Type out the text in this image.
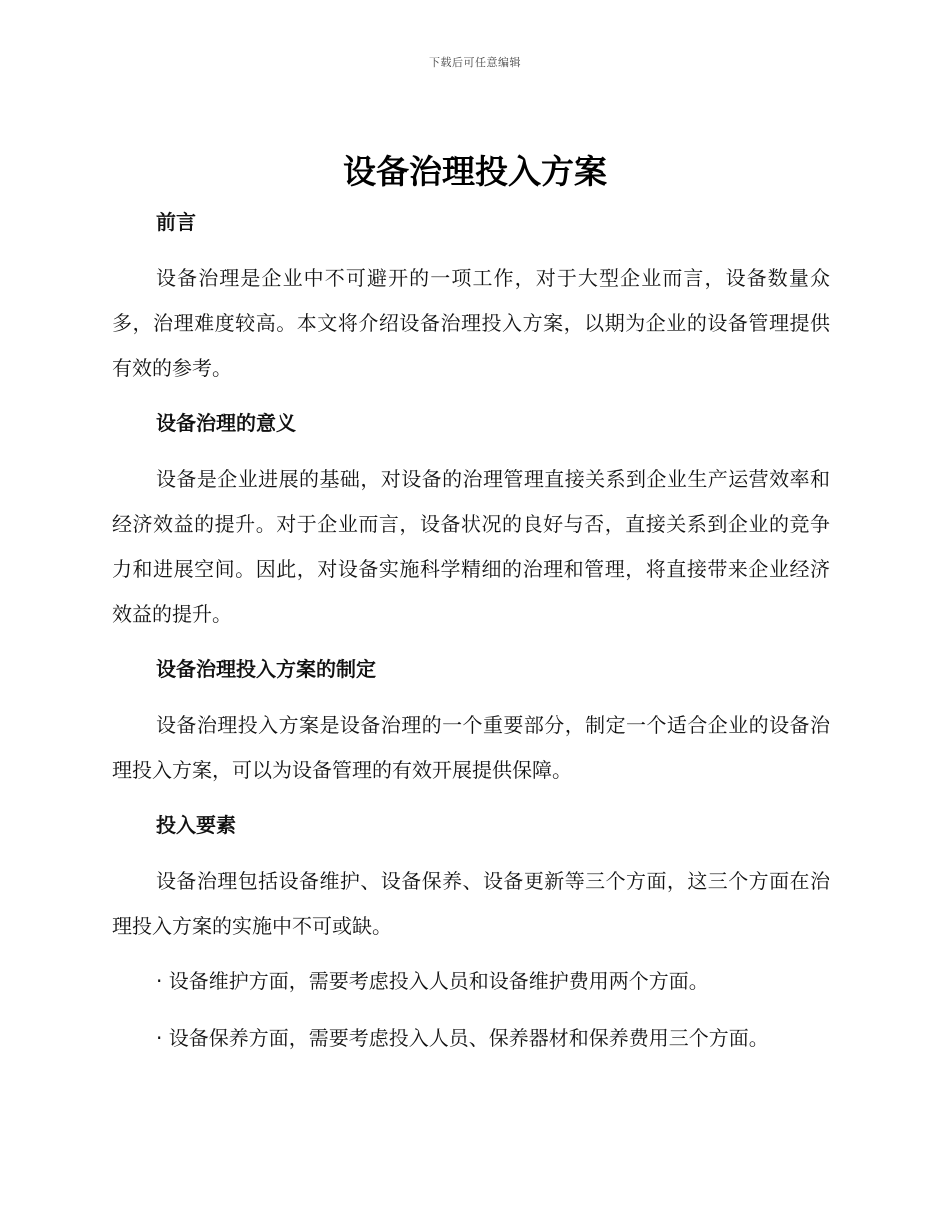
下载后可任意编辑
设备治理投入方案
前言

设备治理是企业中不可避开的一项工作，对于大型企业而言，设备数量众多，治理难度较高。本文将介绍设备治理投入方案，以期为企业的设备管理提供有效的参考。

设备治理的意义

设备是企业进展的基础，对设备的治理管理直接关系到企业生产运营效率和经济效益的提升。对于企业而言，设备状况的良好与否，直接关系到企业的竞争力和进展空间。因此，对设备实施科学精细的治理和管理，将直接带来企业经济效益的提升。

设备治理投入方案的制定

设备治理投入方案是设备治理的一个重要部分，制定一个适合企业的设备治理投入方案，可以为设备管理的有效开展提供保障。

投入要素

设备治理包括设备维护、设备保养、设备更新等三个方面，这三个方面在治理投入方案的实施中不可或缺。

· 设备维护方面，需要考虑投入人员和设备维护费用两个方面。
· 设备保养方面，需要考虑投入人员、保养器材和保养费用三个方面。
